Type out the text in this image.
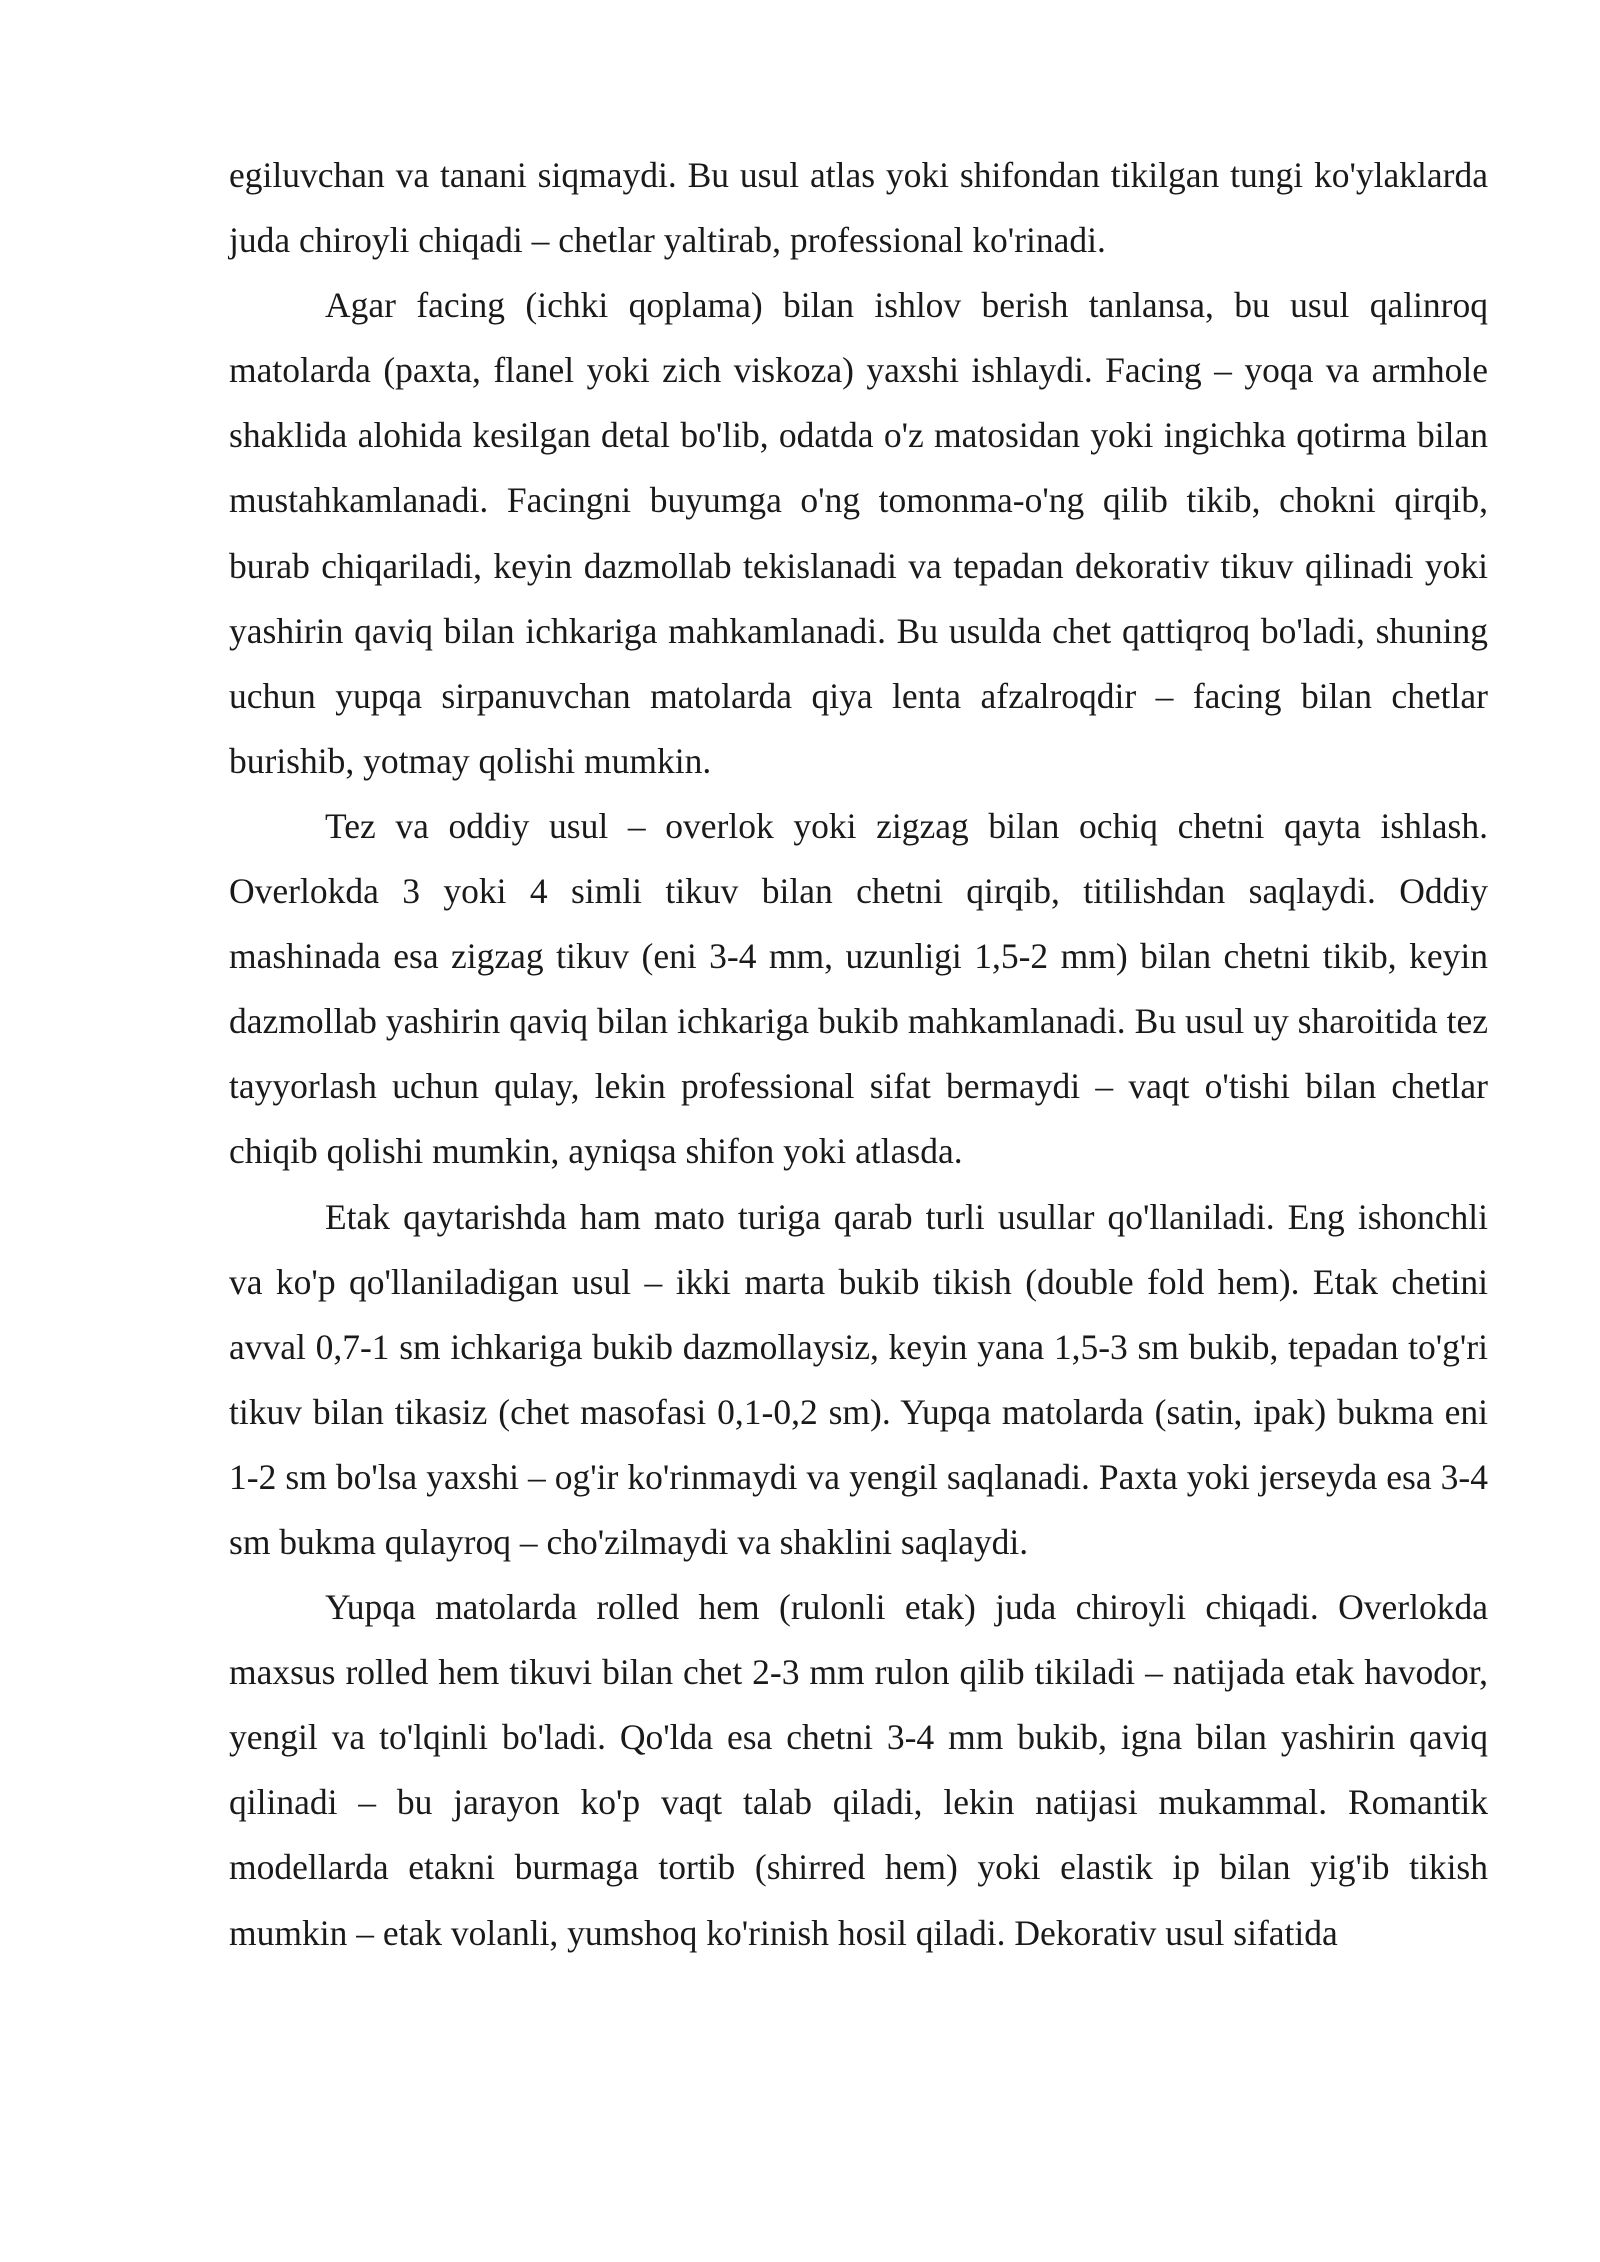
egiluvchan va tanani siqmaydi. Bu usul atlas yoki shifondan tikilgan tungi ko'ylaklarda juda chiroyli chiqadi – chetlar yaltirab, professional ko'rinadi.

Agar facing (ichki qoplama) bilan ishlov berish tanlansa, bu usul qalinroq matolarda (paxta, flanel yoki zich viskoza) yaxshi ishlaydi. Facing – yoqa va armhole shaklida alohida kesilgan detal bo'lib, odatda o'z matosidan yoki ingichka qotirma bilan mustahkamlanadi. Facingni buyumga o'ng tomonma-o'ng qilib tikib, chokni qirqib, burab chiqariladi, keyin dazmollab tekislanadi va tepadan dekorativ tikuv qilinadi yoki yashirin qaviq bilan ichkariga mahkamlanadi. Bu usulda chet qattiqroq bo'ladi, shuning uchun yupqa sirpanuvchan matolarda qiya lenta afzalroqdir – facing bilan chetlar burishib, yotmay qolishi mumkin.

Tez va oddiy usul – overlok yoki zigzag bilan ochiq chetni qayta ishlash. Overlokda 3 yoki 4 simli tikuv bilan chetni qirqib, titilishdan saqlaydi. Oddiy mashinada esa zigzag tikuv (eni 3-4 mm, uzunligi 1,5-2 mm) bilan chetni tikib, keyin dazmollab yashirin qaviq bilan ichkariga bukib mahkamlanadi. Bu usul uy sharoitida tez tayyorlash uchun qulay, lekin professional sifat bermaydi – vaqt o'tishi bilan chetlar chiqib qolishi mumkin, ayniqsa shifon yoki atlasda.

Etak qaytarishda ham mato turiga qarab turli usullar qo'llaniladi. Eng ishonchli va ko'p qo'llaniladigan usul – ikki marta bukib tikish (double fold hem). Etak chetini avval 0,7-1 sm ichkariga bukib dazmollaysiz, keyin yana 1,5-3 sm bukib, tepadan to'g'ri tikuv bilan tikasiz (chet masofasi 0,1-0,2 sm). Yupqa matolarda (satin, ipak) bukma eni 1-2 sm bo'lsa yaxshi – og'ir ko'rinmaydi va yengil saqlanadi. Paxta yoki jerseyda esa 3-4 sm bukma qulayroq – cho'zilmaydi va shaklini saqlaydi.

Yupqa matolarda rolled hem (rulonli etak) juda chiroyli chiqadi. Overlokda maxsus rolled hem tikuvi bilan chet 2-3 mm rulon qilib tikiladi – natijada etak havodor, yengil va to'lqinli bo'ladi. Qo'lda esa chetni 3-4 mm bukib, igna bilan yashirin qaviq qilinadi – bu jarayon ko'p vaqt talab qiladi, lekin natijasi mukammal. Romantik modellarda etakni burmaga tortib (shirred hem) yoki elastik ip bilan yig'ib tikish mumkin – etak volanli, yumshoq ko'rinish hosil qiladi. Dekorativ usul sifatida
